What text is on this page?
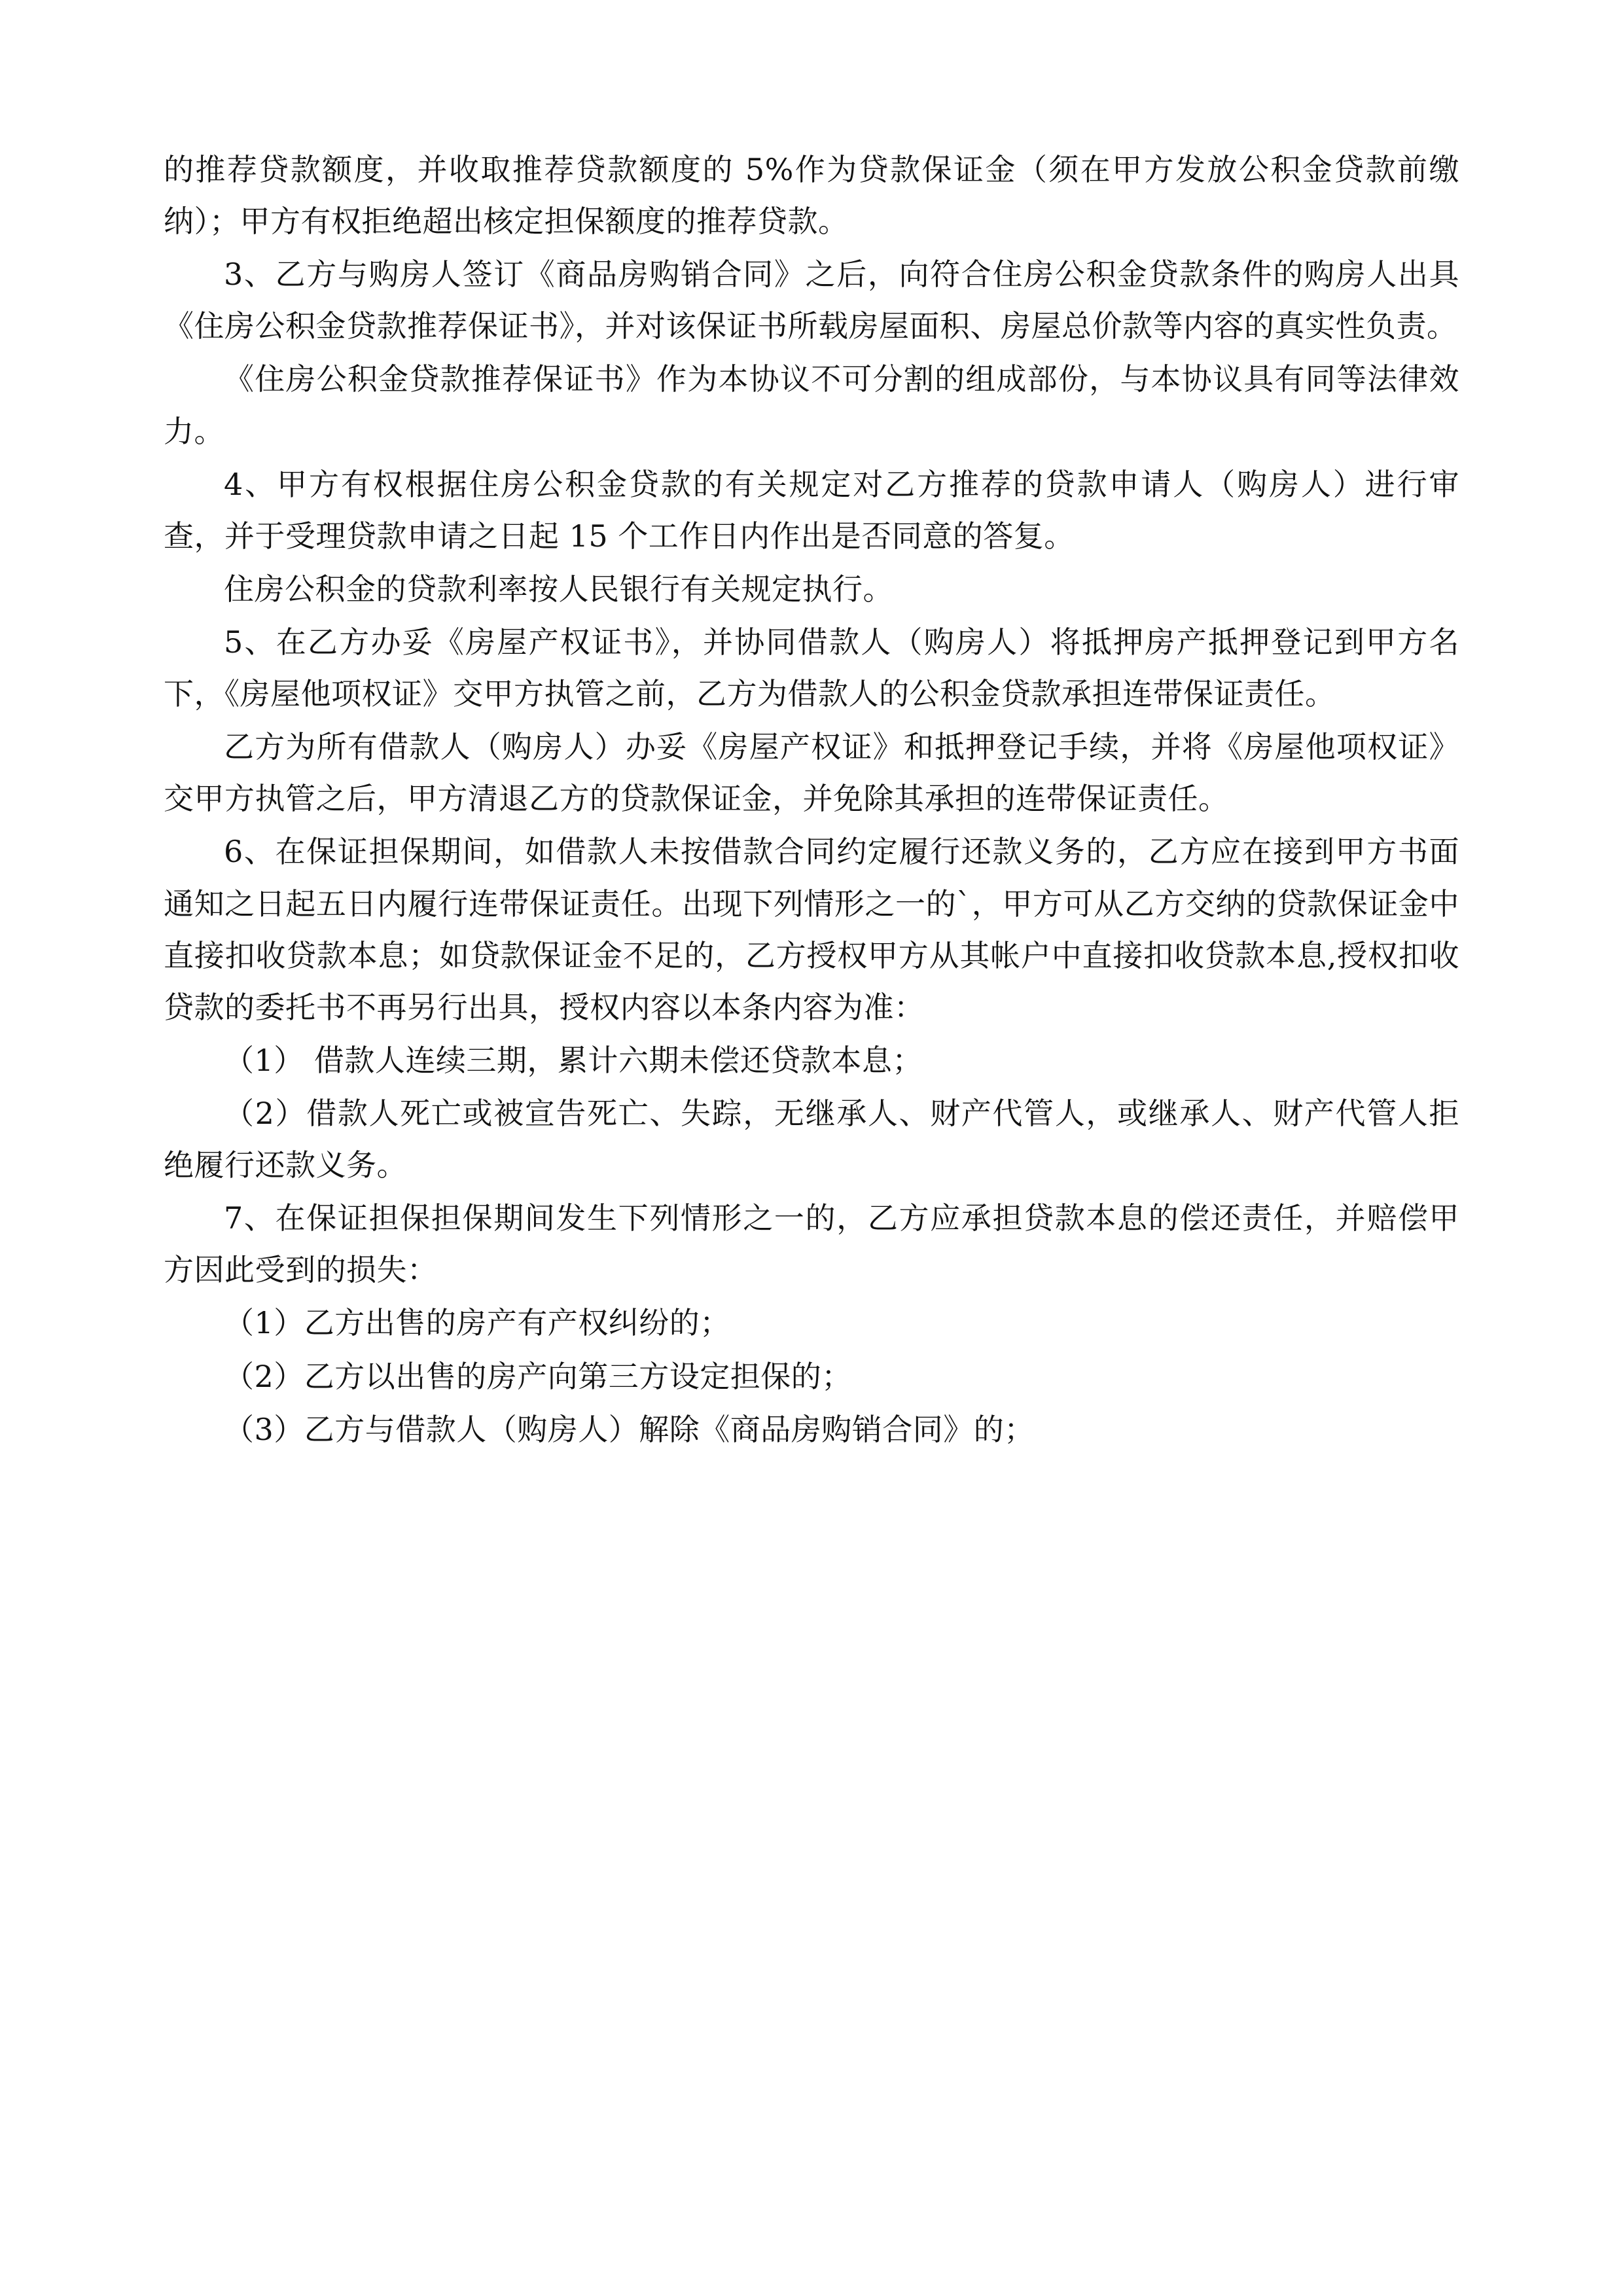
的推荐贷款额度，并收取推荐贷款额度的 5%作为贷款保证金（须在甲方发放公积金贷款前缴纳）；甲方有权拒绝超出核定担保额度的推荐贷款。

3、乙方与购房人签订《商品房购销合同》之后，向符合住房公积金贷款条件的购房人出具《住房公积金贷款推荐保证书》，并对该保证书所载房屋面积、房屋总价款等内容的真实性负责。

《住房公积金贷款推荐保证书》作为本协议不可分割的组成部份，与本协议具有同等法律效力。

4、甲方有权根据住房公积金贷款的有关规定对乙方推荐的贷款申请人（购房人）进行审查，并于受理贷款申请之日起 15 个工作日内作出是否同意的答复。

住房公积金的贷款利率按人民银行有关规定执行。

5、在乙方办妥《房屋产权证书》，并协同借款人（购房人）将抵押房产抵押登记到甲方名下，《房屋他项权证》交甲方执管之前，乙方为借款人的公积金贷款承担连带保证责任。

乙方为所有借款人（购房人）办妥《房屋产权证》和抵押登记手续，并将《房屋他项权证》交甲方执管之后，甲方清退乙方的贷款保证金，并免除其承担的连带保证责任。

6、在保证担保期间，如借款人未按借款合同约定履行还款义务的，乙方应在接到甲方书面通知之日起五日内履行连带保证责任。出现下列情形之一的`，甲方可从乙方交纳的贷款保证金中直接扣收贷款本息；如贷款保证金不足的，乙方授权甲方从其帐户中直接扣收贷款本息,授权扣收贷款的委托书不再另行出具，授权内容以本条内容为准：

（1） 借款人连续三期，累计六期未偿还贷款本息；

（2）借款人死亡或被宣告死亡、失踪，无继承人、财产代管人，或继承人、财产代管人拒绝履行还款义务。

7、在保证担保担保期间发生下列情形之一的，乙方应承担贷款本息的偿还责任，并赔偿甲方因此受到的损失：

（1）乙方出售的房产有产权纠纷的；

（2）乙方以出售的房产向第三方设定担保的；

（3）乙方与借款人（购房人）解除《商品房购销合同》的；
